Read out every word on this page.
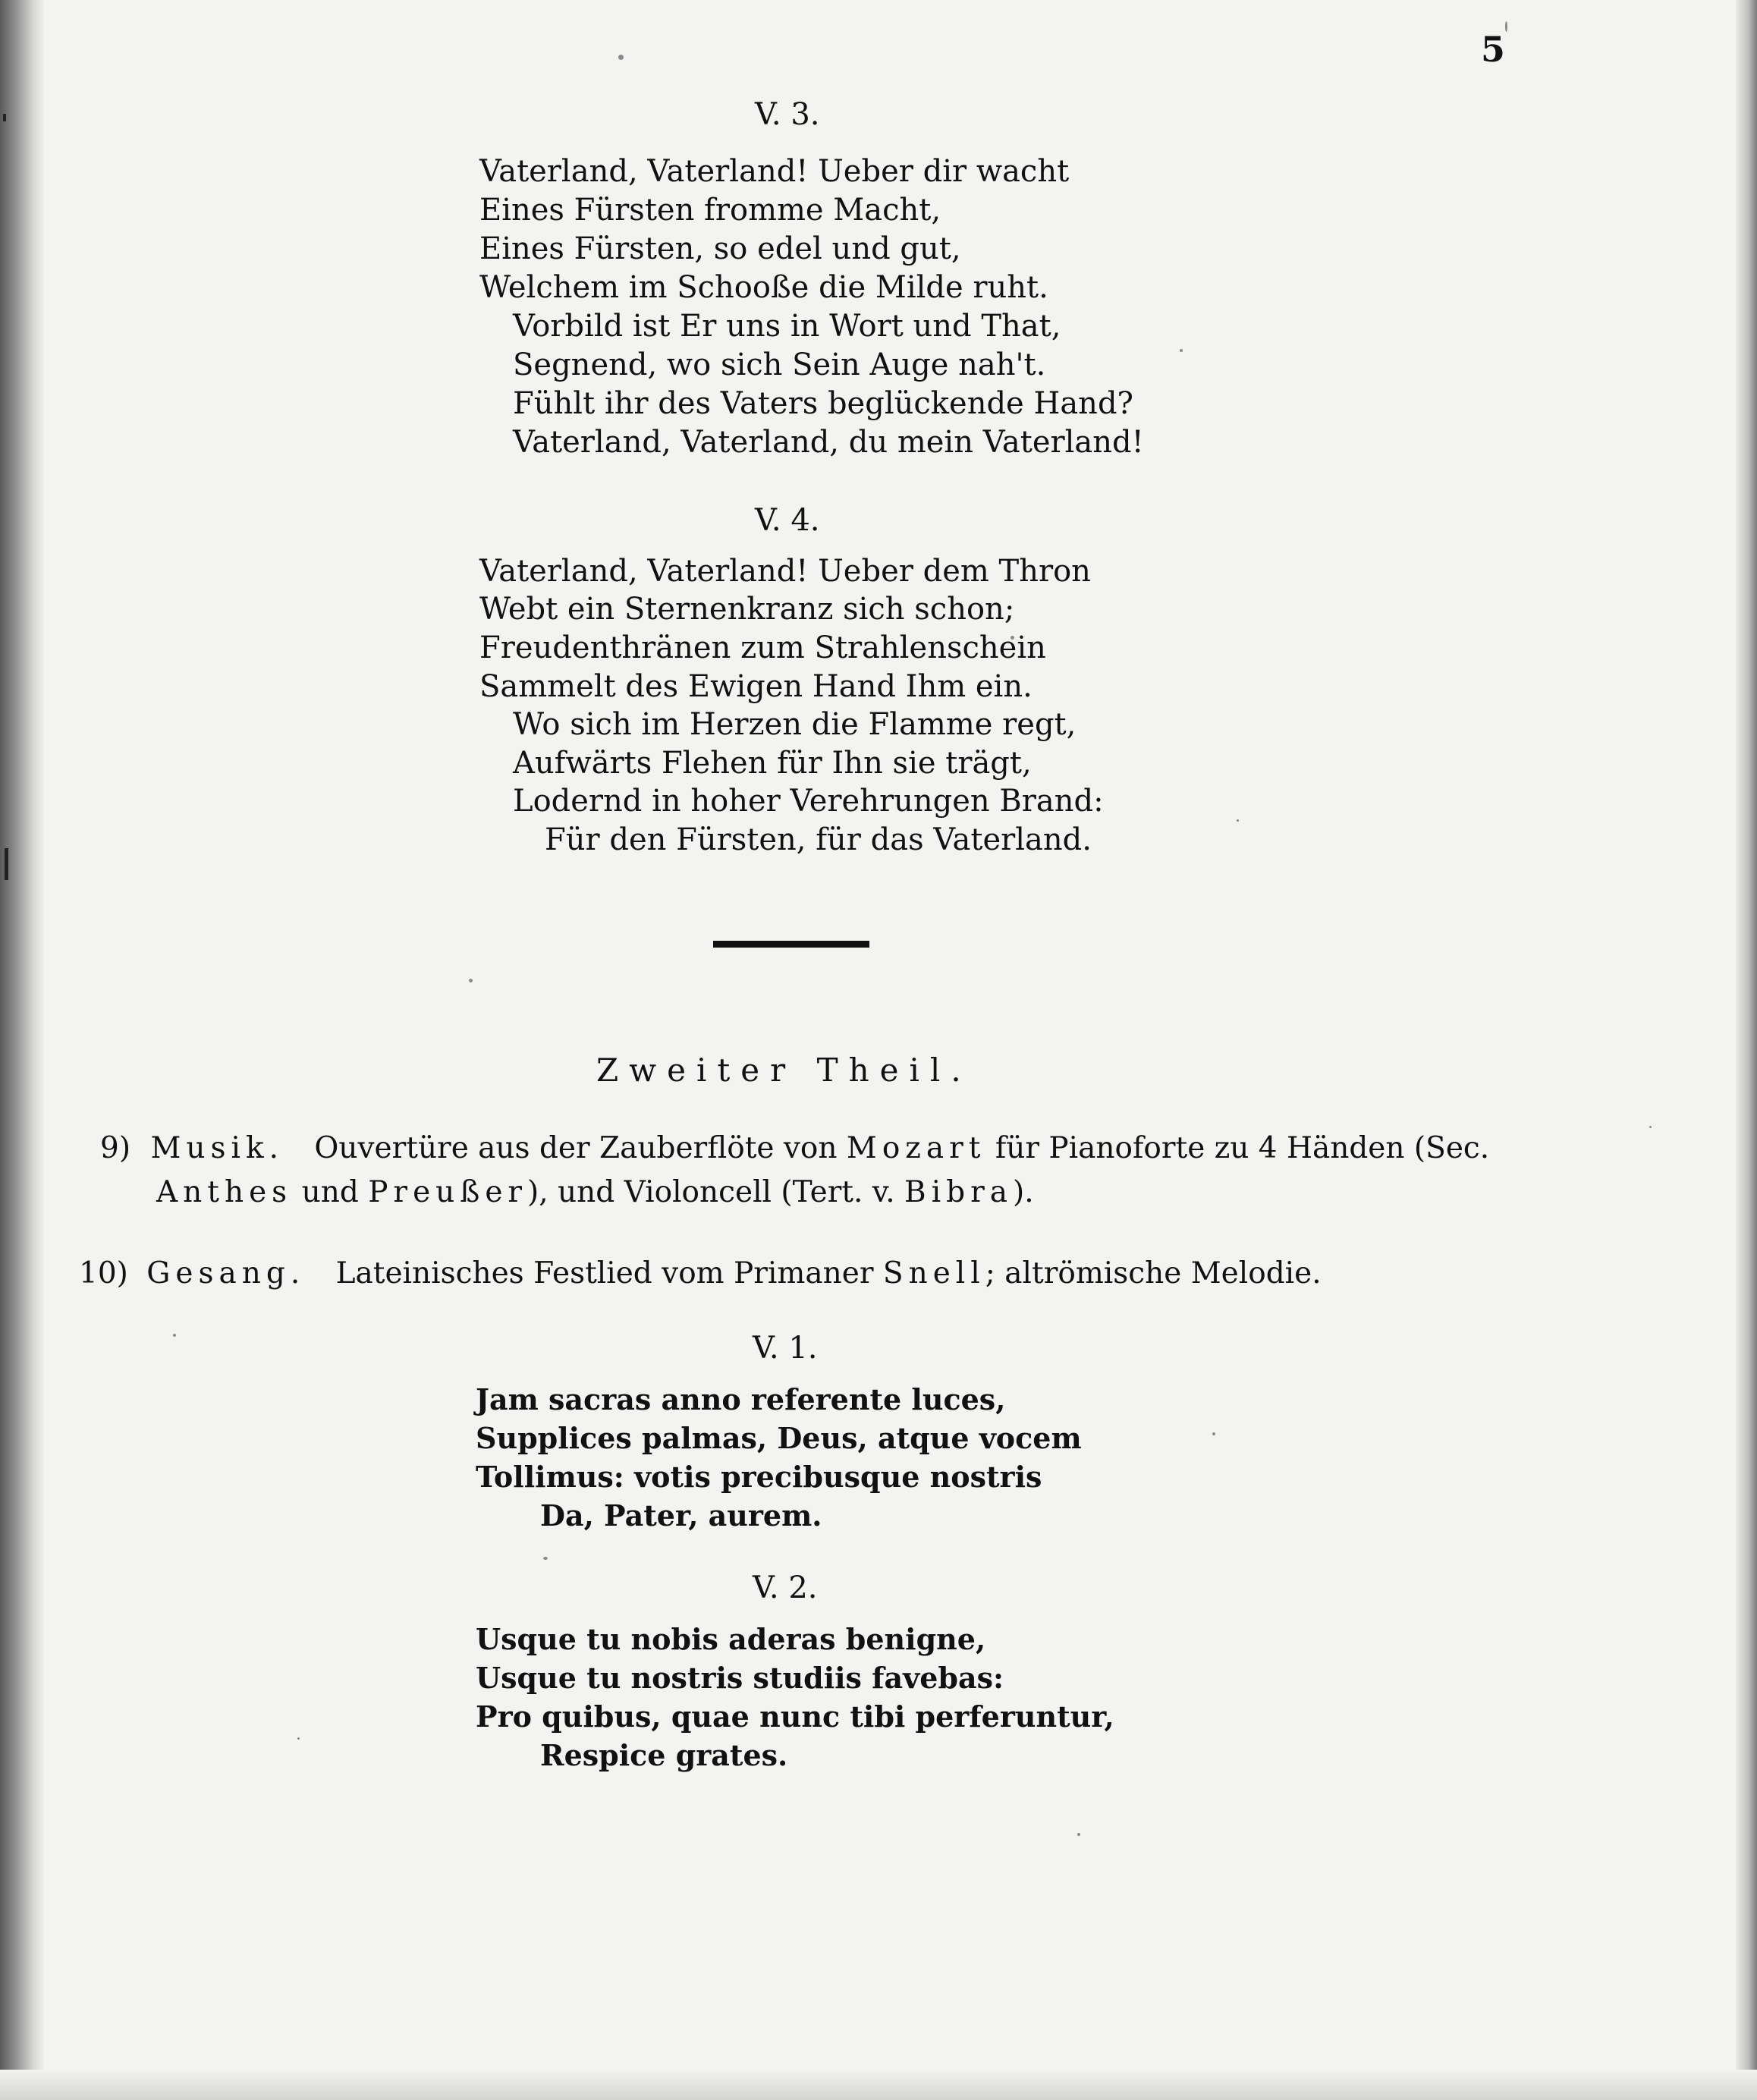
5
V. 3.
Vaterland, Vaterland! Ueber dir wacht
Eines Fürsten fromme Macht,
Eines Fürsten, so edel und gut,
Welchem im Schooße die Milde ruht.
Vorbild ist Er uns in Wort und That,
Segnend, wo sich Sein Auge nah't.
Fühlt ihr des Vaters beglückende Hand?
Vaterland, Vaterland, du mein Vaterland!
V. 4.
Vaterland, Vaterland! Ueber dem Thron
Webt ein Sternenkranz sich schon;
Freudenthränen zum Strahlenschein
Sammelt des Ewigen Hand Ihm ein.
Wo sich im Herzen die Flamme regt,
Aufwärts Flehen für Ihn sie trägt,
Lodernd in hoher Verehrungen Brand:
Für den Fürsten, für das Vaterland.
Zweiter Theil.
9) Musik. Ouvertüre aus der Zauberflöte von Mozart für Pianoforte zu 4 Händen (Sec.
Anthes und Preußer), und Violoncell (Tert. v. Bibra).
10) Gesang. Lateinisches Festlied vom Primaner Snell; altrömische Melodie.
V. 1.
Jam sacras anno referente luces,
Supplices palmas, Deus, atque vocem
Tollimus: votis precibusque nostris
Da, Pater, aurem.
V. 2.
Usque tu nobis aderas benigne,
Usque tu nostris studiis favebas:
Pro quibus, quae nunc tibi perferuntur,
Respice grates.
